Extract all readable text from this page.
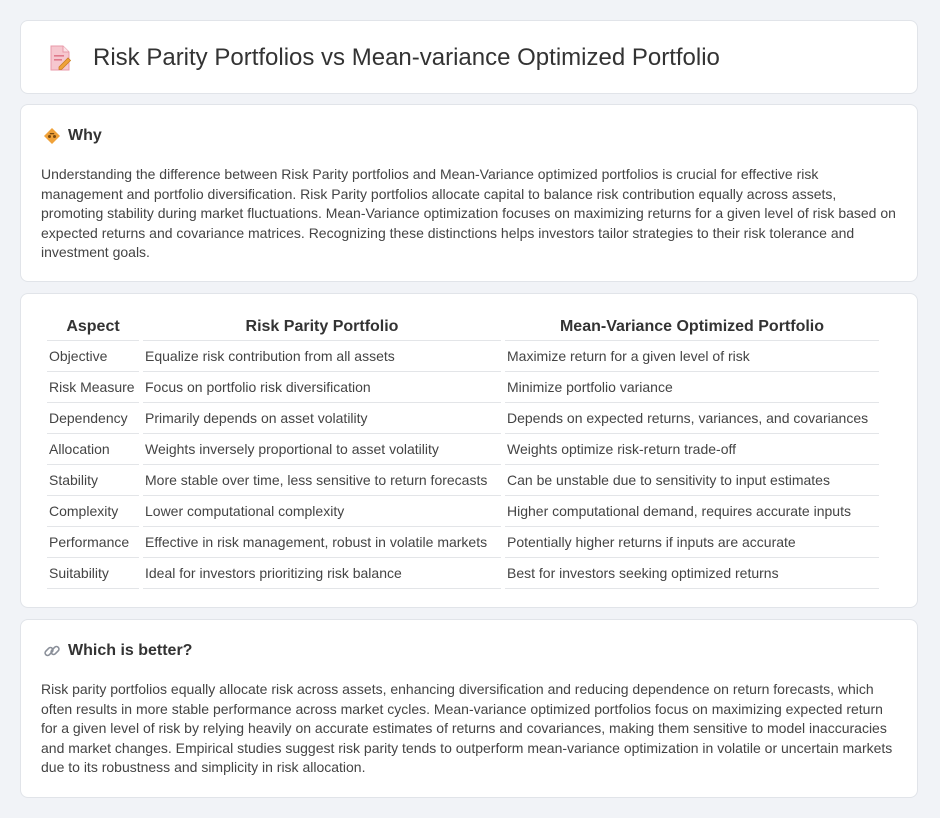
Risk Parity Portfolios vs Mean-variance Optimized Portfolio
Why

Understanding the difference between Risk Parity portfolios and Mean-Variance optimized portfolios is crucial for effective risk management and portfolio diversification. Risk Parity portfolios allocate capital to balance risk contribution equally across assets, promoting stability during market fluctuations. Mean-Variance optimization focuses on maximizing returns for a given level of risk based on expected returns and covariance matrices. Recognizing these distinctions helps investors tailor strategies to their risk tolerance and investment goals.

Aspect	Risk Parity Portfolio	Mean-Variance Optimized Portfolio
Objective	Equalize risk contribution from all assets	Maximize return for a given level of risk
Risk Measure	Focus on portfolio risk diversification	Minimize portfolio variance
Dependency	Primarily depends on asset volatility	Depends on expected returns, variances, and covariances
Allocation	Weights inversely proportional to asset volatility	Weights optimize risk-return trade-off
Stability	More stable over time, less sensitive to return forecasts	Can be unstable due to sensitivity to input estimates
Complexity	Lower computational complexity	Higher computational demand, requires accurate inputs
Performance	Effective in risk management, robust in volatile markets	Potentially higher returns if inputs are accurate
Suitability	Ideal for investors prioritizing risk balance	Best for investors seeking optimized returns
Which is better?

Risk parity portfolios equally allocate risk across assets, enhancing diversification and reducing dependence on return forecasts, which often results in more stable performance across market cycles. Mean-variance optimized portfolios focus on maximizing expected return for a given level of risk by relying heavily on accurate estimates of returns and covariances, making them sensitive to model inaccuracies and market changes. Empirical studies suggest risk parity tends to outperform mean-variance optimization in volatile or uncertain markets due to its robustness and simplicity in risk allocation.
